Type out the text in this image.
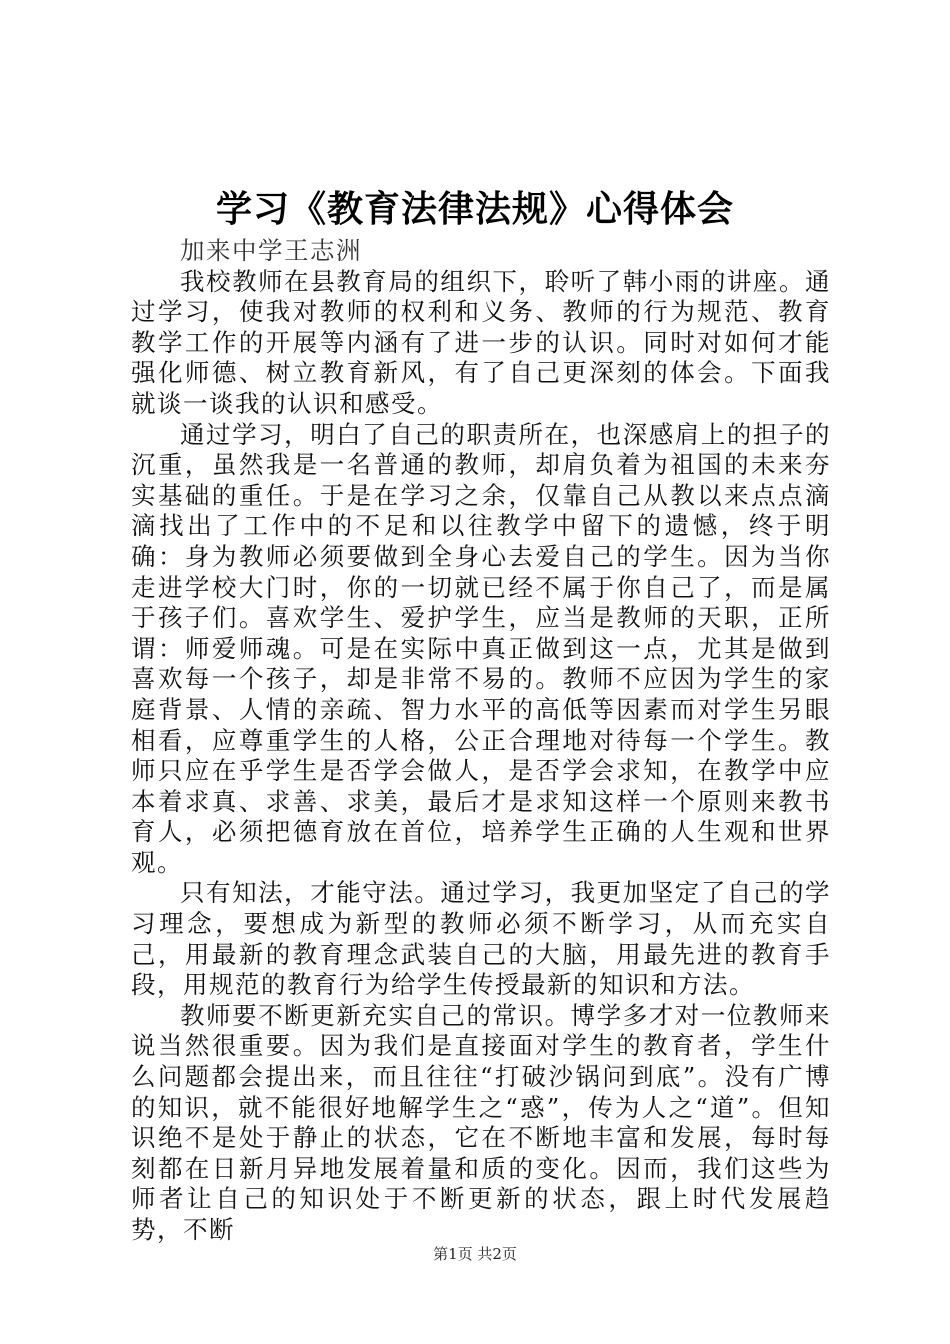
学习《教育法律法规》心得体会

加来中学王志洲

我校教师在县教育局的组织下，聆听了韩小雨的讲座。通过学习，使我对教师的权利和义务、教师的行为规范、教育教学工作的开展等内涵有了进一步的认识。同时对如何才能强化师德、树立教育新风，有了自己更深刻的体会。下面我就谈一谈我的认识和感受。

通过学习，明白了自己的职责所在，也深感肩上的担子的沉重，虽然我是一名普通的教师，却肩负着为祖国的未来夯实基础的重任。于是在学习之余，仅靠自己从教以来点点滴滴找出了工作中的不足和以往教学中留下的遗憾，终于明确：身为教师必须要做到全身心去爱自己的学生。因为当你走进学校大门时，你的一切就已经不属于你自己了，而是属于孩子们。喜欢学生、爱护学生，应当是教师的天职，正所谓：师爱师魂。可是在实际中真正做到这一点，尤其是做到喜欢每一个孩子，却是非常不易的。教师不应因为学生的家庭背景、人情的亲疏、智力水平的高低等因素而对学生另眼相看，应尊重学生的人格，公正合理地对待每一个学生。教师只应在乎学生是否学会做人，是否学会求知，在教学中应本着求真、求善、求美，最后才是求知这样一个原则来教书育人，必须把德育放在首位，培养学生正确的人生观和世界观。

只有知法，才能守法。通过学习，我更加坚定了自己的学习理念，要想成为新型的教师必须不断学习，从而充实自己，用最新的教育理念武装自己的大脑，用最先进的教育手段，用规范的教育行为给学生传授最新的知识和方法。

教师要不断更新充实自己的常识。博学多才对一位教师来说当然很重要。因为我们是直接面对学生的教育者，学生什么问题都会提出来，而且往往“打破沙锅问到底”。没有广博的知识，就不能很好地解学生之“惑”，传为人之“道”。但知识绝不是处于静止的状态，它在不断地丰富和发展，每时每刻都在日新月异地发展着量和质的变化。因而，我们这些为师者让自己的知识处于不断更新的状态，跟上时代发展趋势，不断

第1页 共2页
